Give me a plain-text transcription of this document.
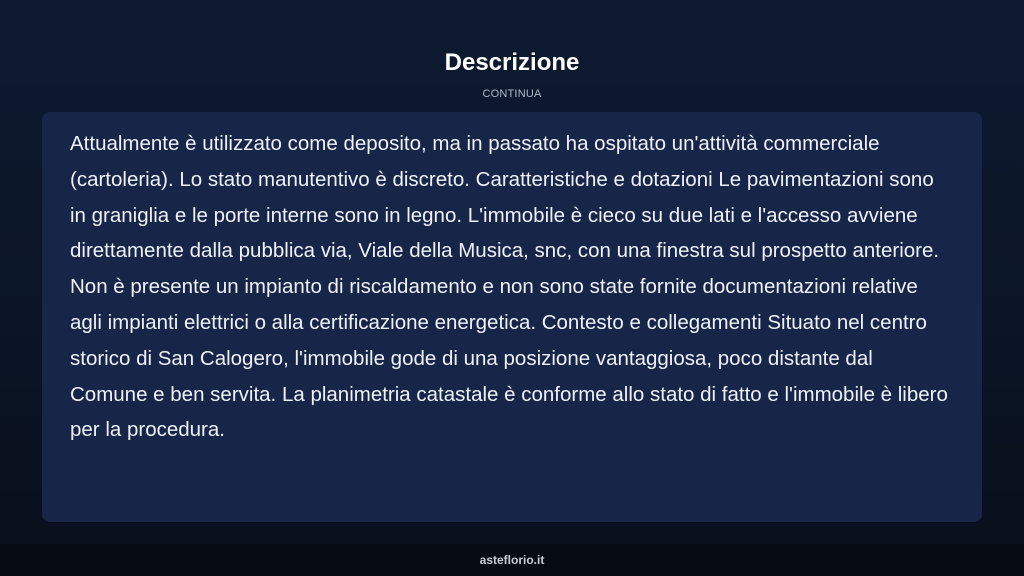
Descrizione
CONTINUA

Attualmente è utilizzato come deposito, ma in passato ha ospitato un'attività commerciale (cartoleria). Lo stato manutentivo è discreto. Caratteristiche e dotazioni Le pavimentazioni sono in graniglia e le porte interne sono in legno. L'immobile è cieco su due lati e l'accesso avviene direttamente dalla pubblica via, Viale della Musica, snc, con una finestra sul prospetto anteriore. Non è presente un impianto di riscaldamento e non sono state fornite documentazioni relative agli impianti elettrici o alla certificazione energetica. Contesto e collegamenti Situato nel centro storico di San Calogero, l'immobile gode di una posizione vantaggiosa, poco distante dal Comune e ben servita. La planimetria catastale è conforme allo stato di fatto e l'immobile è libero per la procedura.

asteflorio.it
